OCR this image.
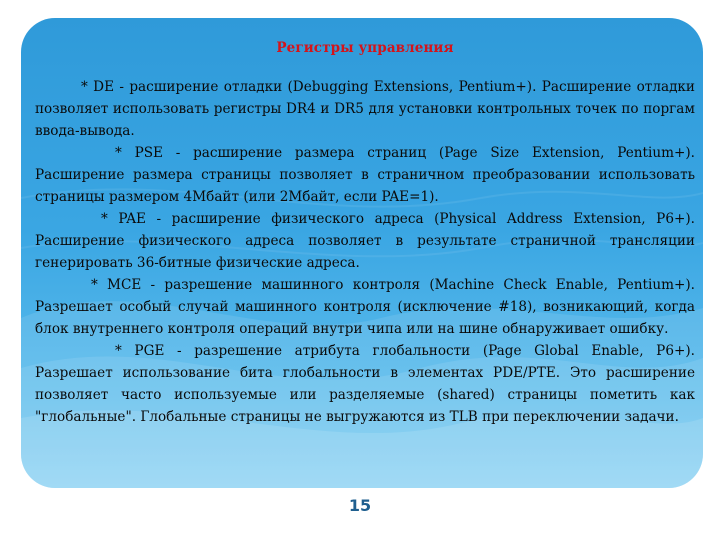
Регистры управления

* DE - расширение отладки (Debugging Extensions, Pentium+). Расширение отладки позволяет использовать регистры DR4 и DR5 для установки контрольных точек по поргам ввода-вывода.

* PSE - расширение размера страниц (Page Size Extension, Pentium+). Расширение размера страницы позволяет в страничном преобразовании использовать страницы размером 4Мбайт (или 2Мбайт, если PAE=1).

* PAE - расширение физического адреса (Physical Address Extension, P6+). Расширение физического адреса позволяет в результате страничной трансляции генерировать 36-битные физические адреса.

* MCE - разрешение машинного контроля (Machine Check Enable, Pentium+). Разрешает особый случай машинного контроля (исключение #18), возникающий, когда блок внутреннего контроля операций внутри чипа или на шине обнаруживает ошибку.

* PGE - разрешение атрибута глобальности (Page Global Enable, P6+). Разрешает использование бита глобальности в элементах PDE/PTE. Это расширение позволяет часто используемые или разделяемые (shared) страницы пометить как "глобальные". Глобальные страницы не выгружаются из TLB при переключении задачи.

15
